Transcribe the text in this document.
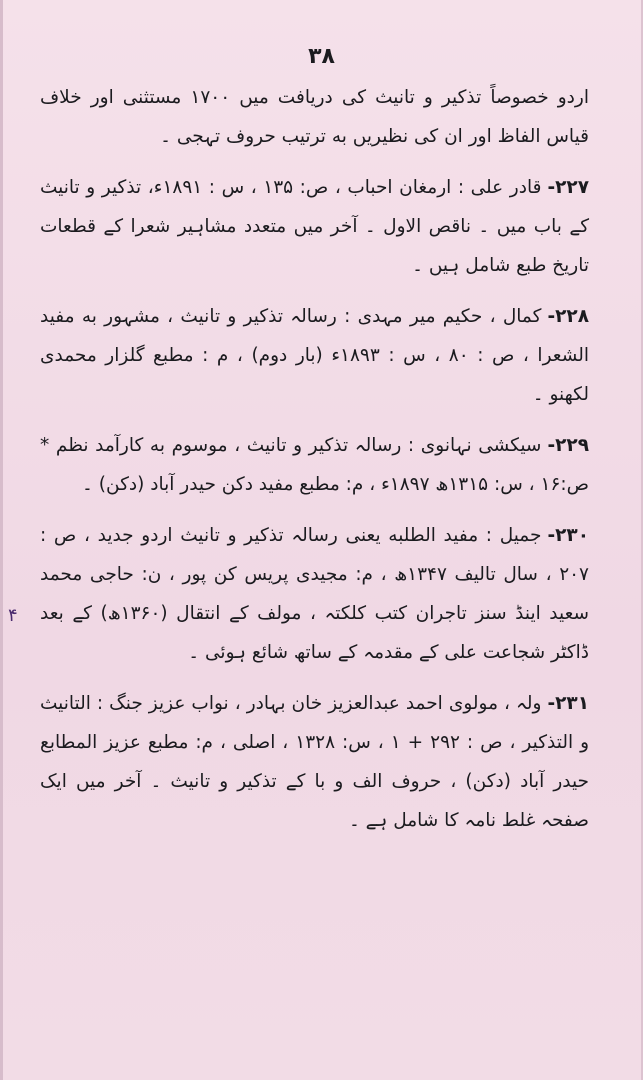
۳۸

اردو خصوصاً تذکیر و تانیث کی دریافت میں ۱۷۰۰ مستثنی اور خلاف قیاس الفاظ اور ان کی نظیریں به ترتیب حروف تہجی ۔

۲۲۷-قادر علی : ارمغان احباب ، ص: ۱۳۵ ، س : ۱۸۹۱ء، تذکیر و تانیث کے باب میں ۔ ناقص الاول ۔ آخر میں متعدد مشاہیر شعرا کے قطعات تاریخ طبع شامل ہیں ۔
۲۲۸-کمال ، حکیم میر مہدی : رسالہ تذکیر و تانیث ، مشہور به مفید الشعرا ، ص : ۸۰ ، س : ۱۸۹۳ء (بار دوم) ، م : مطبع گلزار محمدی لکھنو ۔
۲۲۹-سیکشی نہانوی : رسالہ تذکیر و تانیث ، موسوم به کارآمد نظم * ص:۱۶ ، س: ۱۳۱۵ھ ۱۸۹۷ء ، م: مطبع مفید دکن حیدر آباد (دکن) ۔
۲۳۰-جمیل : مفید الطلبه یعنی رسالہ تذکیر و تانیث اردو جدید ، ص : ۲۰۷ ، سال تالیف ۱۳۴۷ھ ، م: مجیدی پریس کن پور ، ن: حاجی محمد سعید اینڈ سنز تاجران کتب کلکتہ ، مولف کے انتقال (۱۳۶۰ھ) کے بعد ڈاکٹر شجاعت علی کے مقدمہ کے ساتھ شائع ہوئی ۔
۲۳۱-ولہ ، مولوی احمد عبدالعزیز خان بہادر ، نواب عزیز جنگ : التانیث و التذکیر ، ص : ۲۹۲ + ۱ ، س: ۱۳۲۸ ، اصلی ، م: مطبع عزیز المطابع حیدر آباد (دکن) ، حروف الف و با کے تذکیر و تانیث ۔ آخر میں ایک صفحہ غلط نامہ کا شامل ہے ۔
۴
